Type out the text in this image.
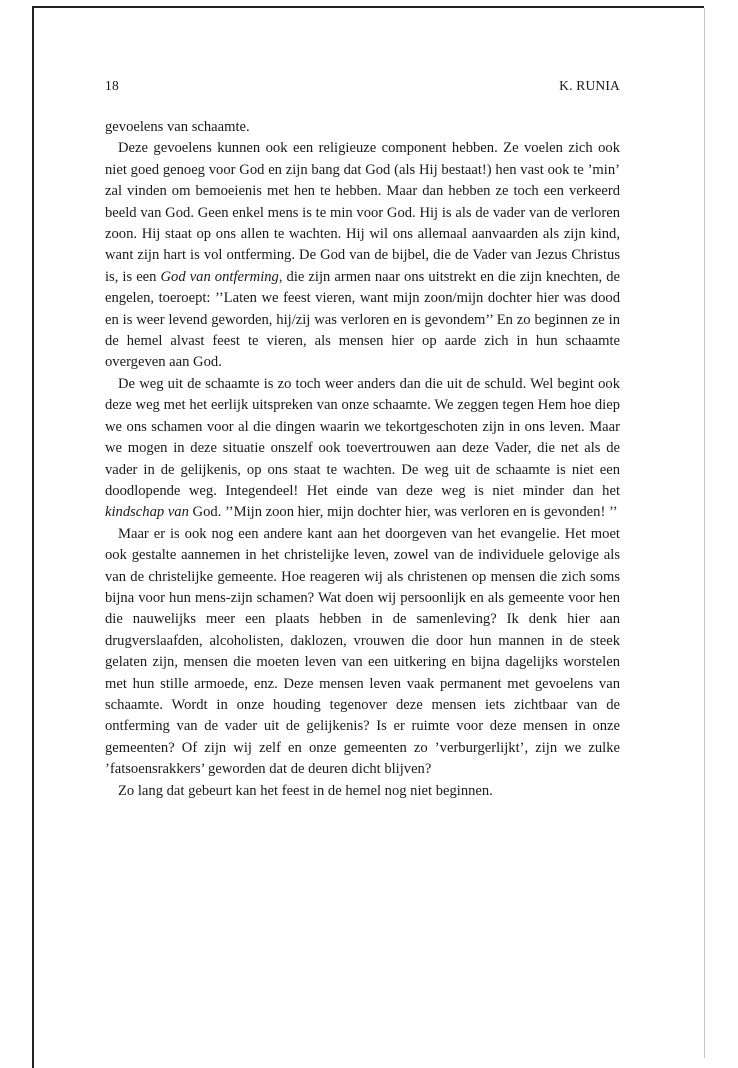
18	K. RUNIA

gevoelens van schaamte.

Deze gevoelens kunnen ook een religieuze component hebben. Ze voelen zich ook niet goed genoeg voor God en zijn bang dat God (als Hij bestaat!) hen vast ook te ’min’ zal vinden om bemoeienis met hen te hebben. Maar dan hebben ze toch een verkeerd beeld van God. Geen enkel mens is te min voor God. Hij is als de vader van de verloren zoon. Hij staat op ons allen te wachten. Hij wil ons allemaal aanvaarden als zijn kind, want zijn hart is vol ontferming. De God van de bijbel, die de Vader van Jezus Christus is, is een God van ontferming, die zijn armen naar ons uitstrekt en die zijn knechten, de engelen, toeroept: ’’Laten we feest vieren, want mijn zoon/mijn dochter hier was dood en is weer levend geworden, hij/zij was verloren en is gevondem’’ En zo beginnen ze in de hemel alvast feest te vieren, als mensen hier op aarde zich in hun schaamte overgeven aan God.

De weg uit de schaamte is zo toch weer anders dan die uit de schuld. Wel begint ook deze weg met het eerlijk uitspreken van onze schaamte. We zeggen tegen Hem hoe diep we ons schamen voor al die dingen waarin we tekortgeschoten zijn in ons leven. Maar we mogen in deze situatie onszelf ook toevertrouwen aan deze Vader, die net als de vader in de gelijkenis, op ons staat te wachten. De weg uit de schaamte is niet een doodlopende weg. Integendeel! Het einde van deze weg is niet minder dan het kindschap van God. ’’Mijn zoon hier, mijn dochter hier, was verloren en is gevonden! ’’

Maar er is ook nog een andere kant aan het doorgeven van het evangelie. Het moet ook gestalte aannemen in het christelijke leven, zowel van de individuele gelovige als van de christelijke gemeente. Hoe reageren wij als christenen op mensen die zich soms bijna voor hun mens-zijn schamen? Wat doen wij persoonlijk en als gemeente voor hen die nauwelijks meer een plaats hebben in de samenleving? Ik denk hier aan drugverslaafden, alcoholisten, daklozen, vrouwen die door hun mannen in de steek gelaten zijn, mensen die moeten leven van een uitkering en bijna dagelijks worstelen met hun stille armoede, enz. Deze mensen leven vaak permanent met gevoelens van schaamte. Wordt in onze houding tegenover deze mensen iets zichtbaar van de ontferming van de vader uit de gelijkenis? Is er ruimte voor deze mensen in onze gemeenten? Of zijn wij zelf en onze gemeenten zo ’verburgerlijkt’, zijn we zulke ’fatsoensrakkers’ geworden dat de deuren dicht blijven?

Zo lang dat gebeurt kan het feest in de hemel nog niet beginnen.
